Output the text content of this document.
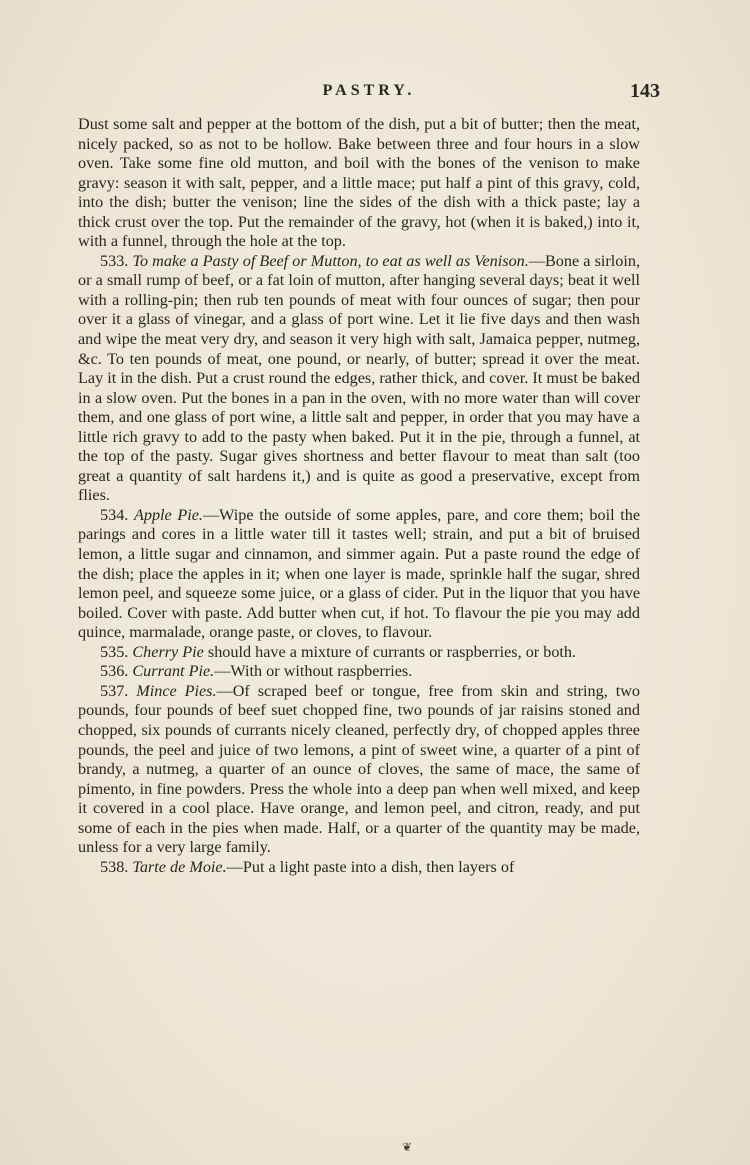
PASTRY.	143

Dust some salt and pepper at the bottom of the dish, put a bit of butter; then the meat, nicely packed, so as not to be hollow. Bake between three and four hours in a slow oven. Take some fine old mutton, and boil with the bones of the venison to make gravy: season it with salt, pepper, and a little mace; put half a pint of this gravy, cold, into the dish; butter the venison; line the sides of the dish with a thick paste; lay a thick crust over the top. Put the remainder of the gravy, hot (when it is baked,) into it, with a funnel, through the hole at the top.

533. To make a Pasty of Beef or Mutton, to eat as well as Venison.—Bone a sirloin, or a small rump of beef, or a fat loin of mutton, after hanging several days; beat it well with a rolling-pin; then rub ten pounds of meat with four ounces of sugar; then pour over it a glass of vinegar, and a glass of port wine. Let it lie five days and then wash and wipe the meat very dry, and season it very high with salt, Jamaica pepper, nutmeg, &c. To ten pounds of meat, one pound, or nearly, of butter; spread it over the meat. Lay it in the dish. Put a crust round the edges, rather thick, and cover. It must be baked in a slow oven. Put the bones in a pan in the oven, with no more water than will cover them, and one glass of port wine, a little salt and pepper, in order that you may have a little rich gravy to add to the pasty when baked. Put it in the pie, through a funnel, at the top of the pasty. Sugar gives shortness and better flavour to meat than salt (too great a quantity of salt hardens it,) and is quite as good a preservative, except from flies.

534. Apple Pie.—Wipe the outside of some apples, pare, and core them; boil the parings and cores in a little water till it tastes well; strain, and put a bit of bruised lemon, a little sugar and cinnamon, and simmer again. Put a paste round the edge of the dish; place the apples in it; when one layer is made, sprinkle half the sugar, shred lemon peel, and squeeze some juice, or a glass of cider. Put in the liquor that you have boiled. Cover with paste. Add butter when cut, if hot. To flavour the pie you may add quince, marmalade, orange paste, or cloves, to flavour.

535. Cherry Pie should have a mixture of currants or raspberries, or both.

536. Currant Pie.—With or without raspberries.

537. Mince Pies.—Of scraped beef or tongue, free from skin and string, two pounds, four pounds of beef suet chopped fine, two pounds of jar raisins stoned and chopped, six pounds of currants nicely cleaned, perfectly dry, of chopped apples three pounds, the peel and juice of two lemons, a pint of sweet wine, a quarter of a pint of brandy, a nutmeg, a quarter of an ounce of cloves, the same of mace, the same of pimento, in fine powders. Press the whole into a deep pan when well mixed, and keep it covered in a cool place. Have orange, and lemon peel, and citron, ready, and put some of each in the pies when made. Half, or a quarter of the quantity may be made, unless for a very large family.

538. Tarte de Moie.—Put a light paste into a dish, then layers of

❦
